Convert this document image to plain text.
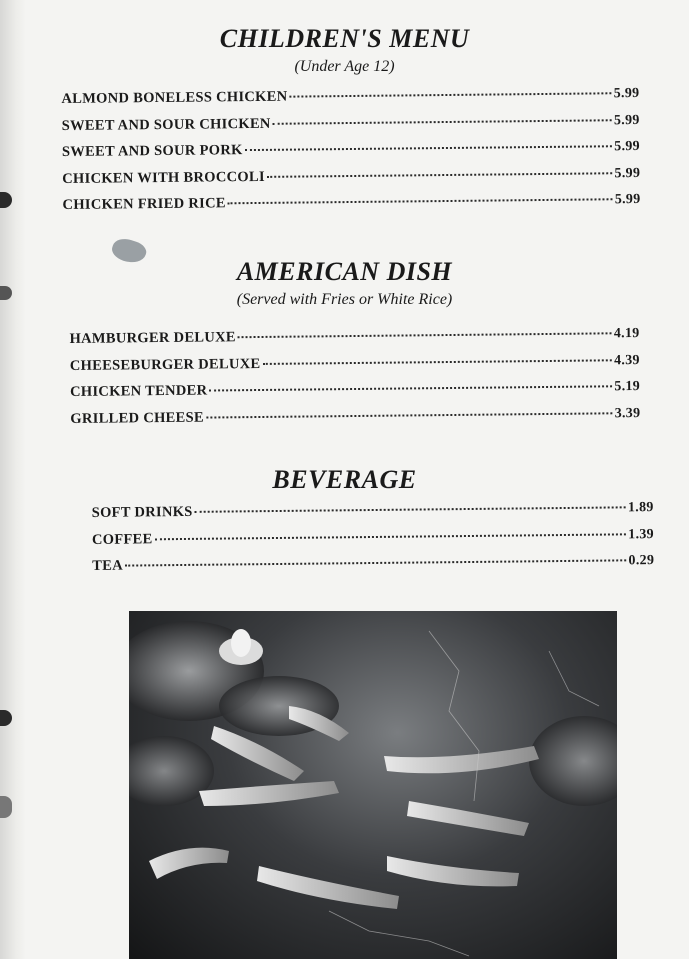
CHILDREN'S MENU

(Under Age 12)

ALMOND BONELESS CHICKEN	5.99
SWEET AND SOUR CHICKEN	5.99
SWEET AND SOUR PORK	5.99
CHICKEN WITH BROCCOLI	5.99
CHICKEN FRIED RICE	5.99
AMERICAN DISH

(Served with Fries or White Rice)

HAMBURGER DELUXE	4.19
CHEESEBURGER DELUXE	4.39
CHICKEN TENDER	5.19
GRILLED CHEESE	3.39
BEVERAGE
SOFT DRINKS	1.89
COFFEE	1.39
TEA	0.29
